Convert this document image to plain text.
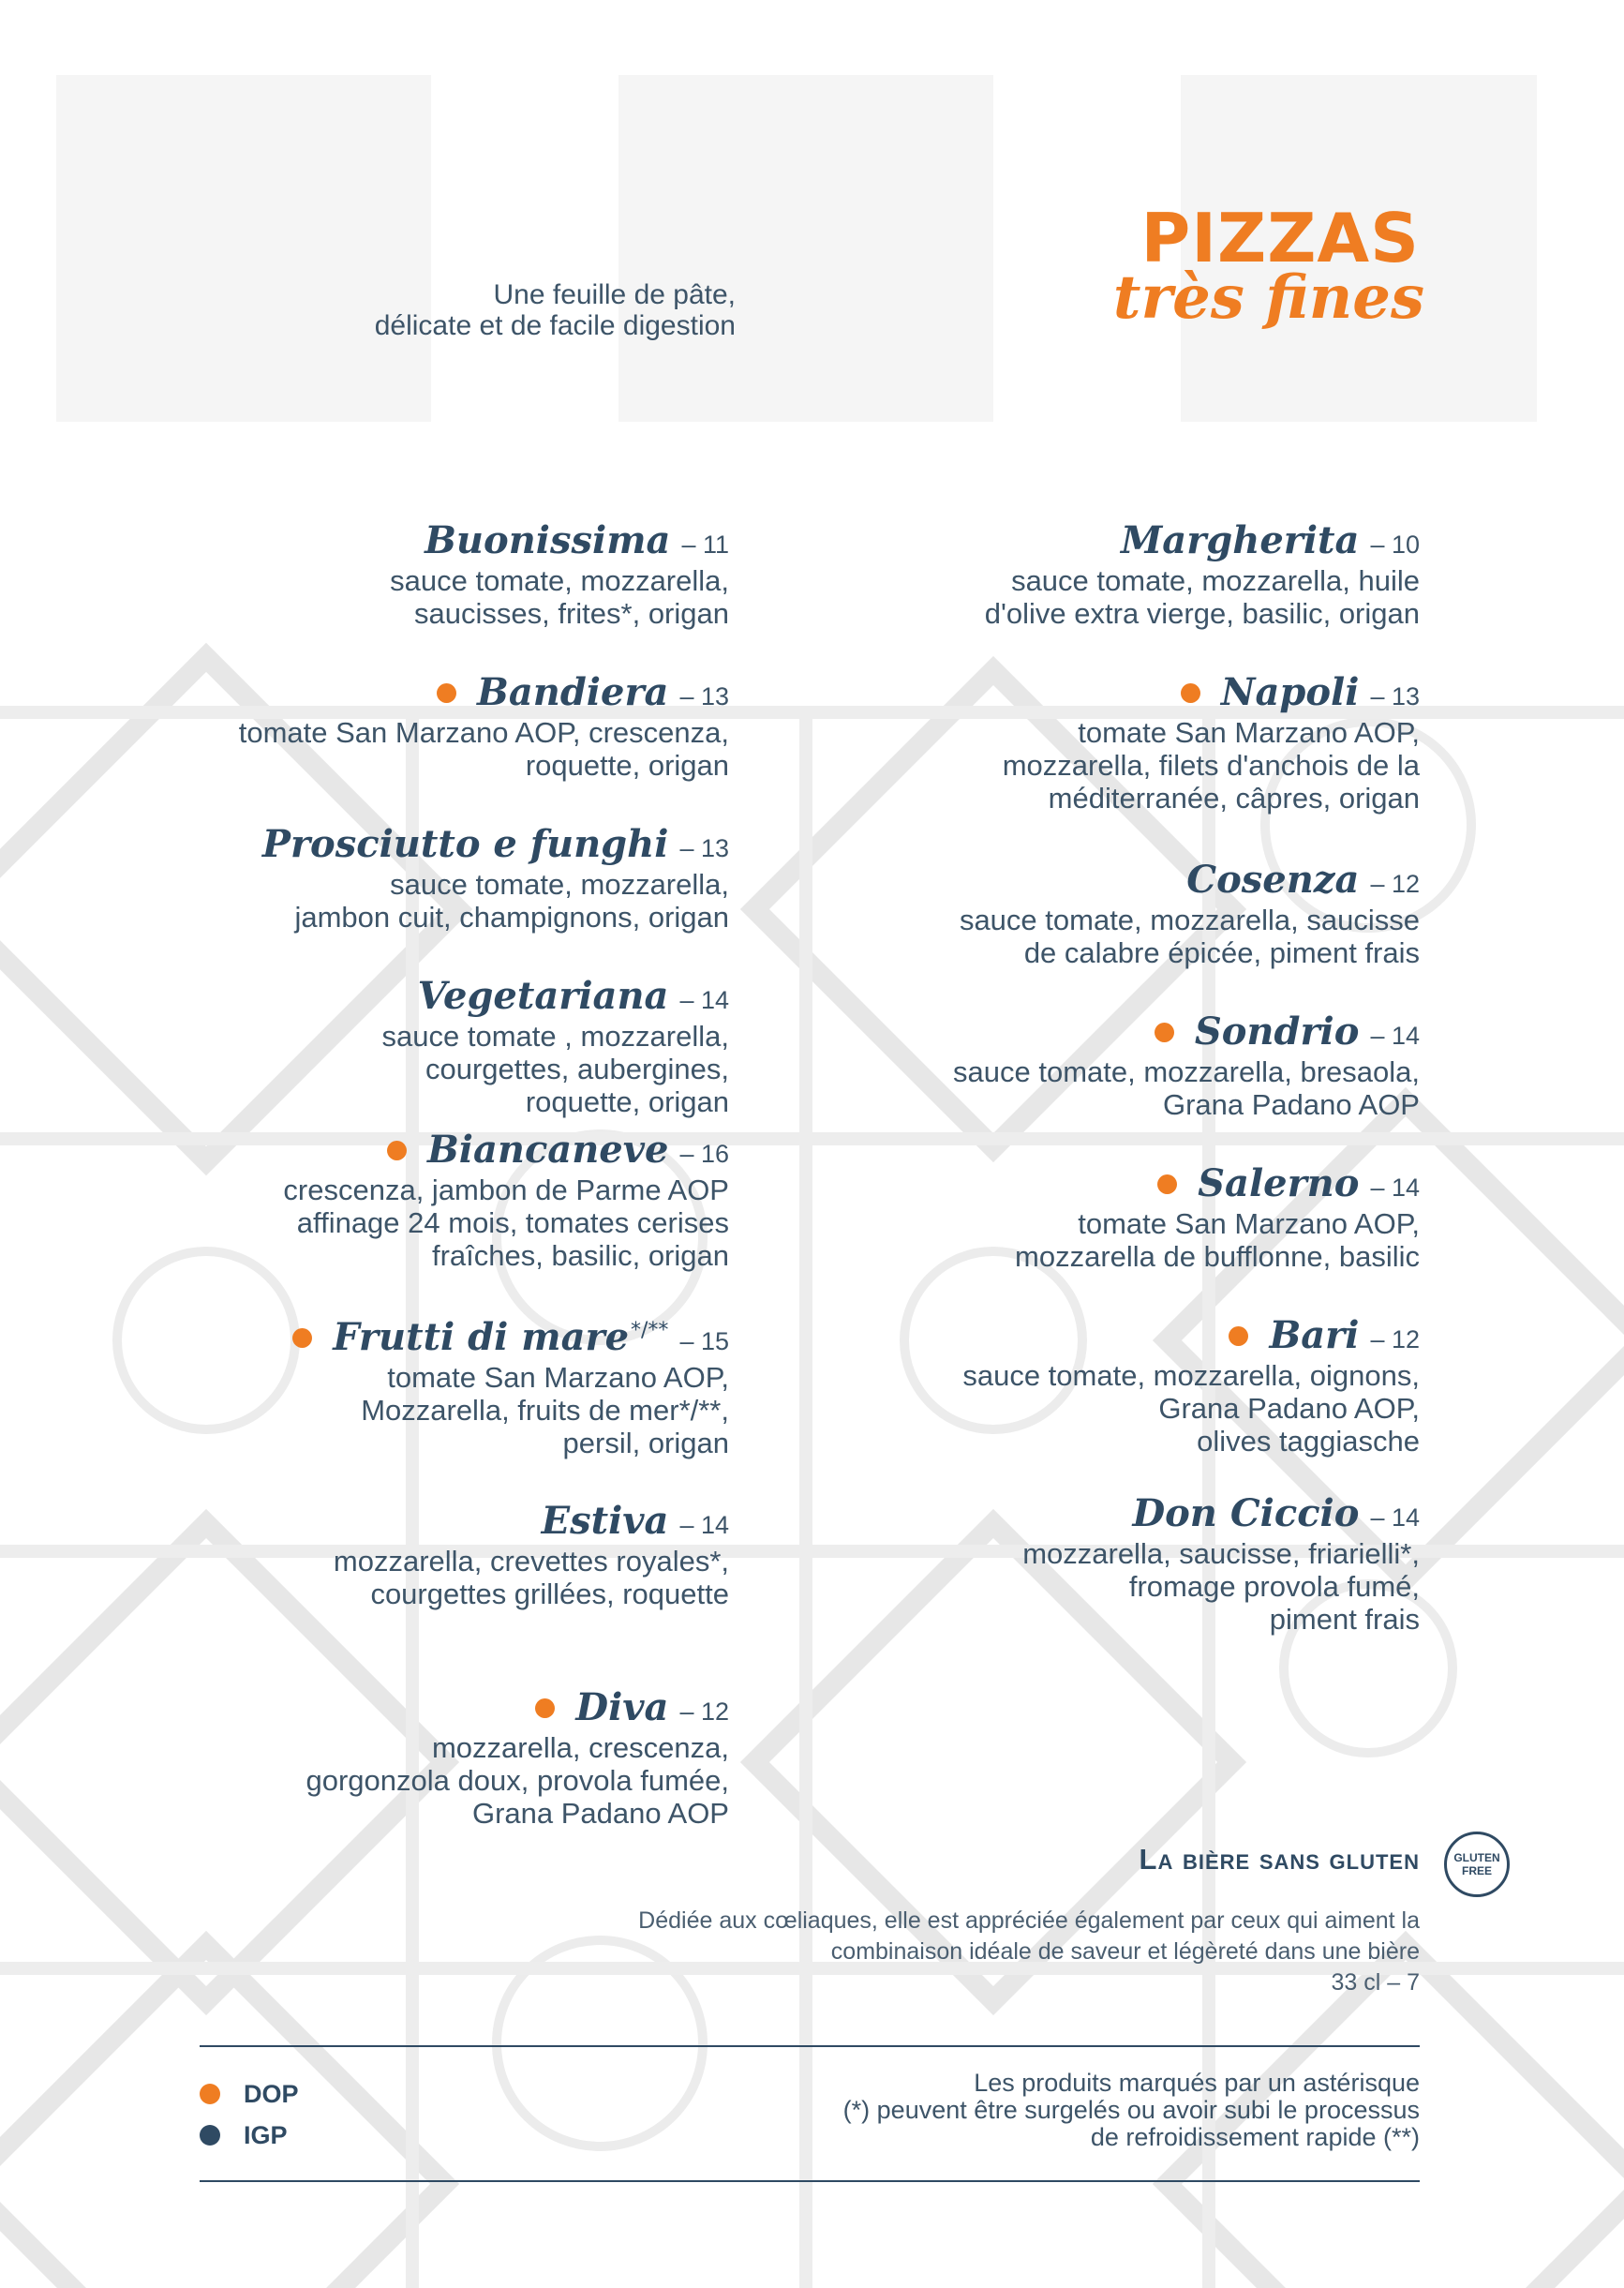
PIZZAS
très fines
Une feuille de pâte,
délicate et de facile digestion
Buonissima – 11
sauce tomate, mozzarella,
saucisses, frites*, origan
Bandiera – 13
tomate San Marzano AOP, crescenza,
roquette, origan
Prosciutto e funghi – 13
sauce tomate, mozzarella,
jambon cuit, champignons, origan
Vegetariana – 14
sauce tomate , mozzarella,
courgettes, aubergines,
roquette, origan
Biancaneve – 16
crescenza, jambon de Parme AOP
affinage 24 mois, tomates cerises
fraîches, basilic, origan
Frutti di mare */** – 15
tomate San Marzano AOP,
Mozzarella, fruits de mer*/**,
persil, origan
Estiva – 14
mozzarella, crevettes royales*,
courgettes grillées, roquette
Diva – 12
mozzarella, crescenza,
gorgonzola doux, provola fumée,
Grana Padano AOP
Margherita – 10
sauce tomate, mozzarella, huile
d'olive extra vierge, basilic, origan
Napoli – 13
tomate San Marzano AOP,
mozzarella, filets d'anchois de la
méditerranée, câpres, origan
Cosenza – 12
sauce tomate, mozzarella, saucisse
de calabre épicée, piment frais
Sondrio – 14
sauce tomate, mozzarella, bresaola,
Grana Padano AOP
Salerno – 14
tomate San Marzano AOP,
mozzarella de bufflonne, basilic
Bari – 12
sauce tomate, mozzarella, oignons,
Grana Padano AOP,
olives taggiasche
Don Ciccio – 14
mozzarella, saucisse, friarielli*,
fromage provola fumé,
piment frais
La bière sans gluten	GLUTEN
FREE
Dédiée aux cœliaques, elle est appréciée également par ceux qui aiment la
combinaison idéale de saveur et légèreté dans une bière
33 cl – 7
DOP
IGP
Les produits marqués par un astérisque
(*) peuvent être surgelés ou avoir subi le processus
de refroidissement rapide (**)
